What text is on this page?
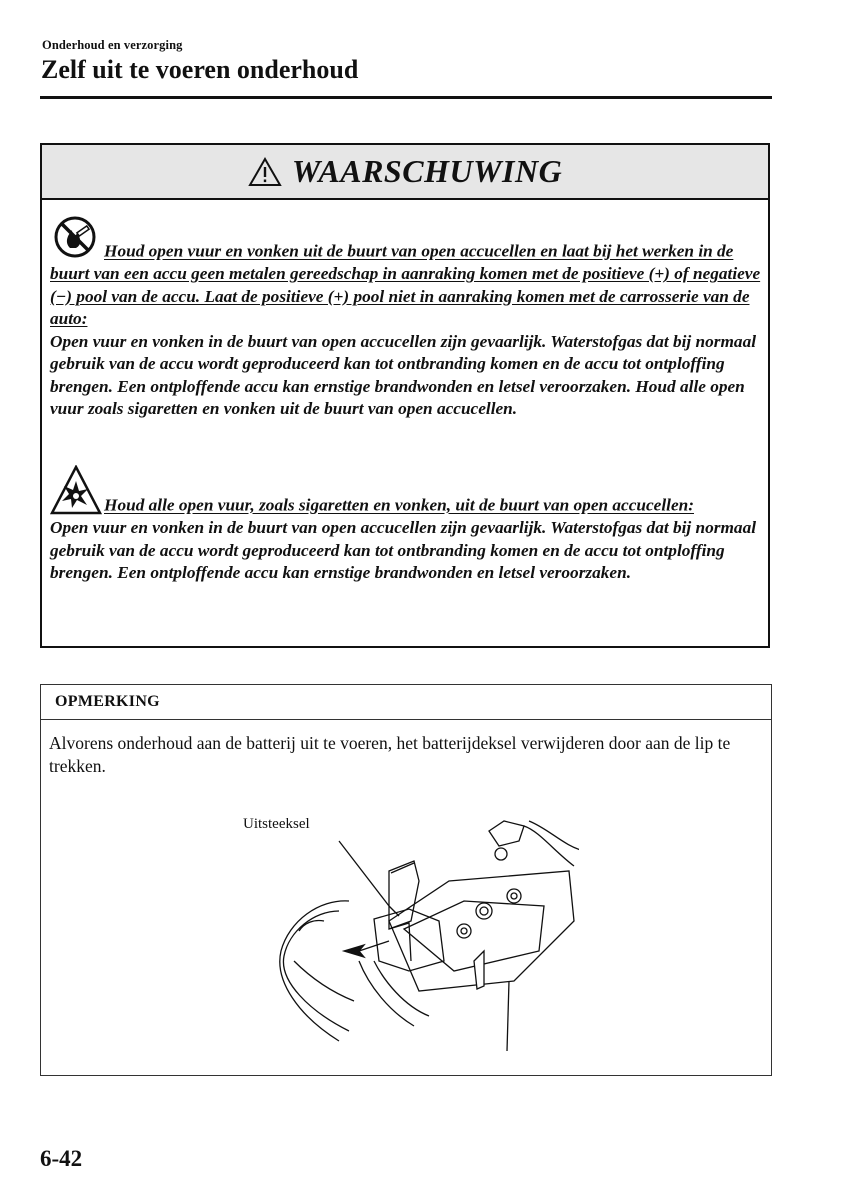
Onderhoud en verzorging
Zelf uit te voeren onderhoud
WAARSCHUWING
Houd open vuur en vonken uit de buurt van open accucellen en laat bij het werken in de buurt van een accu geen metalen gereedschap in aanraking komen met de positieve (+) of negatieve (−) pool van de accu. Laat de positieve (+) pool niet in aanraking komen met de carrosserie van de auto:
Open vuur en vonken in de buurt van open accucellen zijn gevaarlijk. Waterstofgas dat bij normaal gebruik van de accu wordt geproduceerd kan tot ontbranding komen en de accu tot ontploffing brengen. Een ontploffende accu kan ernstige brandwonden en letsel veroorzaken. Houd alle open vuur zoals sigaretten en vonken uit de buurt van open accucellen.
Houd alle open vuur, zoals sigaretten en vonken, uit de buurt van open accucellen:
Open vuur en vonken in de buurt van open accucellen zijn gevaarlijk. Waterstofgas dat bij normaal gebruik van de accu wordt geproduceerd kan tot ontbranding komen en de accu tot ontploffing brengen. Een ontploffende accu kan ernstige brandwonden en letsel veroorzaken.
OPMERKING
Alvorens onderhoud aan de batterij uit te voeren, het batterijdeksel verwijderen door aan de lip te trekken.
Uitsteeksel
6-42
